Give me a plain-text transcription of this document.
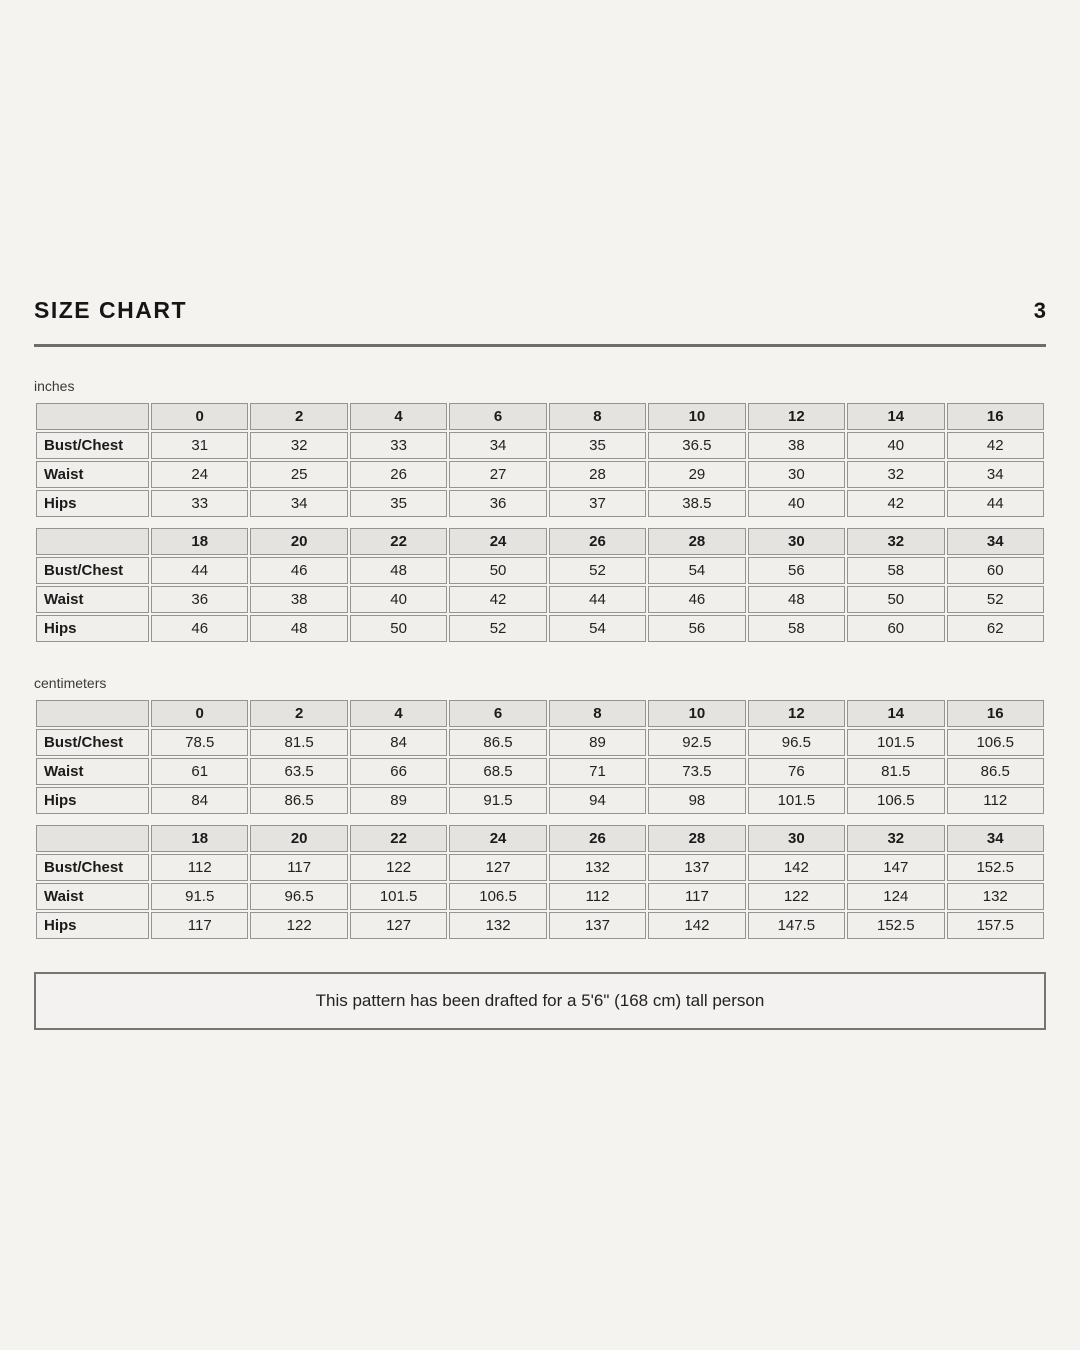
SIZE CHART	3
inches
	0	2	4	6	8	10	12	14	16
Bust/Chest	31	32	33	34	35	36.5	38	40	42
Waist	24	25	26	27	28	29	30	32	34
Hips	33	34	35	36	37	38.5	40	42	44
	18	20	22	24	26	28	30	32	34
Bust/Chest	44	46	48	50	52	54	56	58	60
Waist	36	38	40	42	44	46	48	50	52
Hips	46	48	50	52	54	56	58	60	62
centimeters
	0	2	4	6	8	10	12	14	16
Bust/Chest	78.5	81.5	84	86.5	89	92.5	96.5	101.5	106.5
Waist	61	63.5	66	68.5	71	73.5	76	81.5	86.5
Hips	84	86.5	89	91.5	94	98	101.5	106.5	112
	18	20	22	24	26	28	30	32	34
Bust/Chest	112	117	122	127	132	137	142	147	152.5
Waist	91.5	96.5	101.5	106.5	112	117	122	124	132
Hips	117	122	127	132	137	142	147.5	152.5	157.5
This pattern has been drafted for a 5'6" (168 cm) tall person
